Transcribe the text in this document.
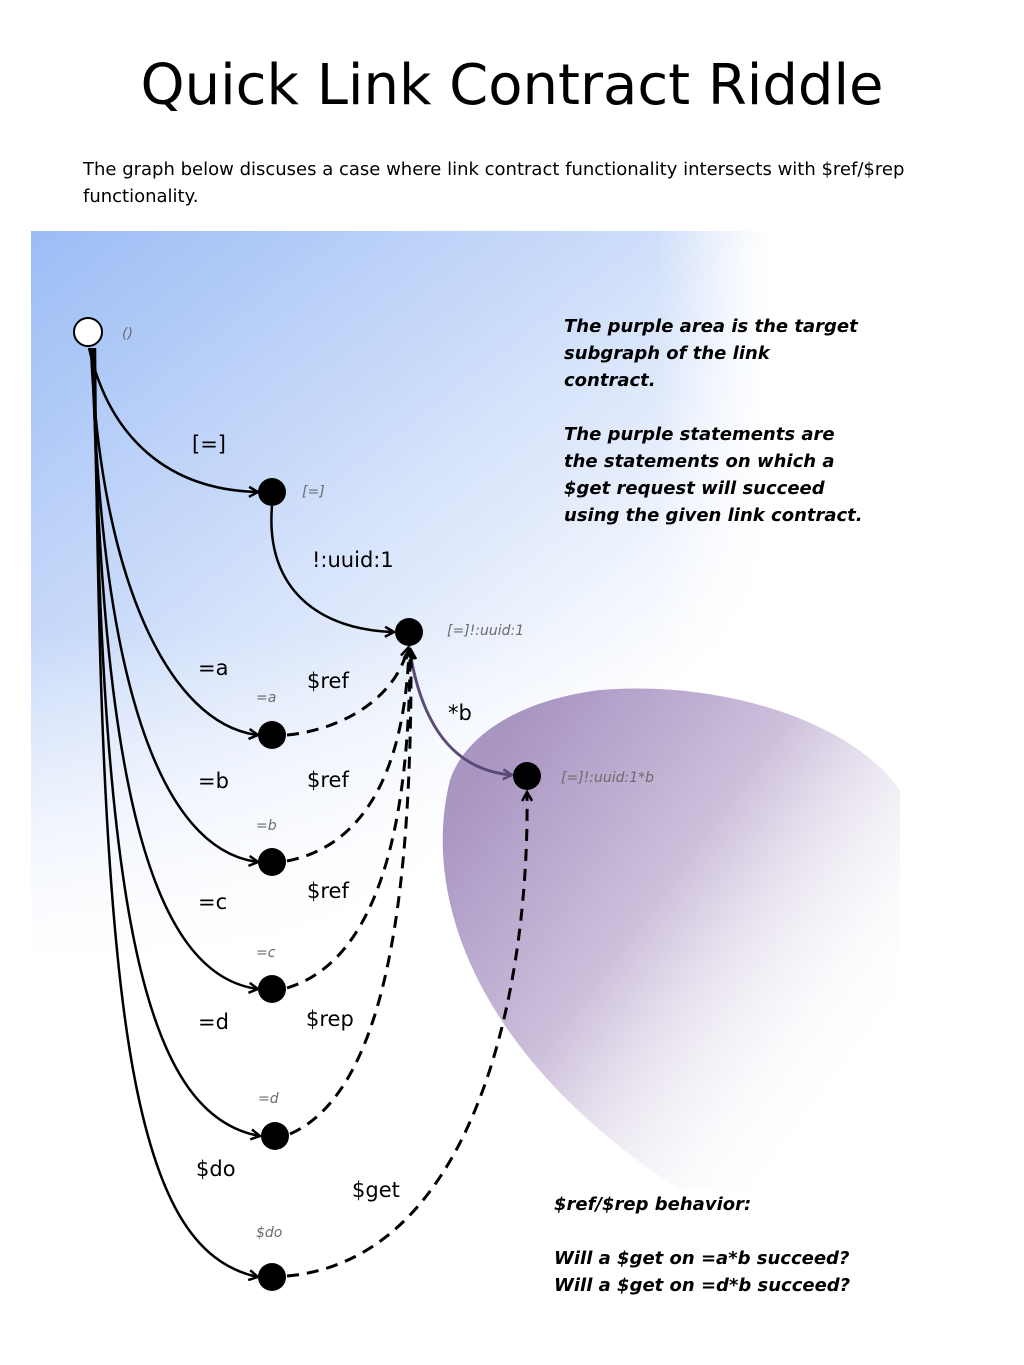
Quick Link Contract Riddle
The graph below discuses a case where link contract functionality intersects with $ref/$rep functionality.
()
[=]
[=]!:uuid:1
[=]!:uuid:1*b
=a
=b
=c
=d
$do
[=]
!:uuid:1
*b
=a
=b
=c
=d
$do
$ref
$ref
$ref
$rep
$get

The purple area is the target subgraph of the link contract.

The purple statements are the statements on which a $get request will succeed using the given link contract.

$ref/$rep behavior:

Will a $get on =a*b succeed?
Will a $get on =d*b succeed?
